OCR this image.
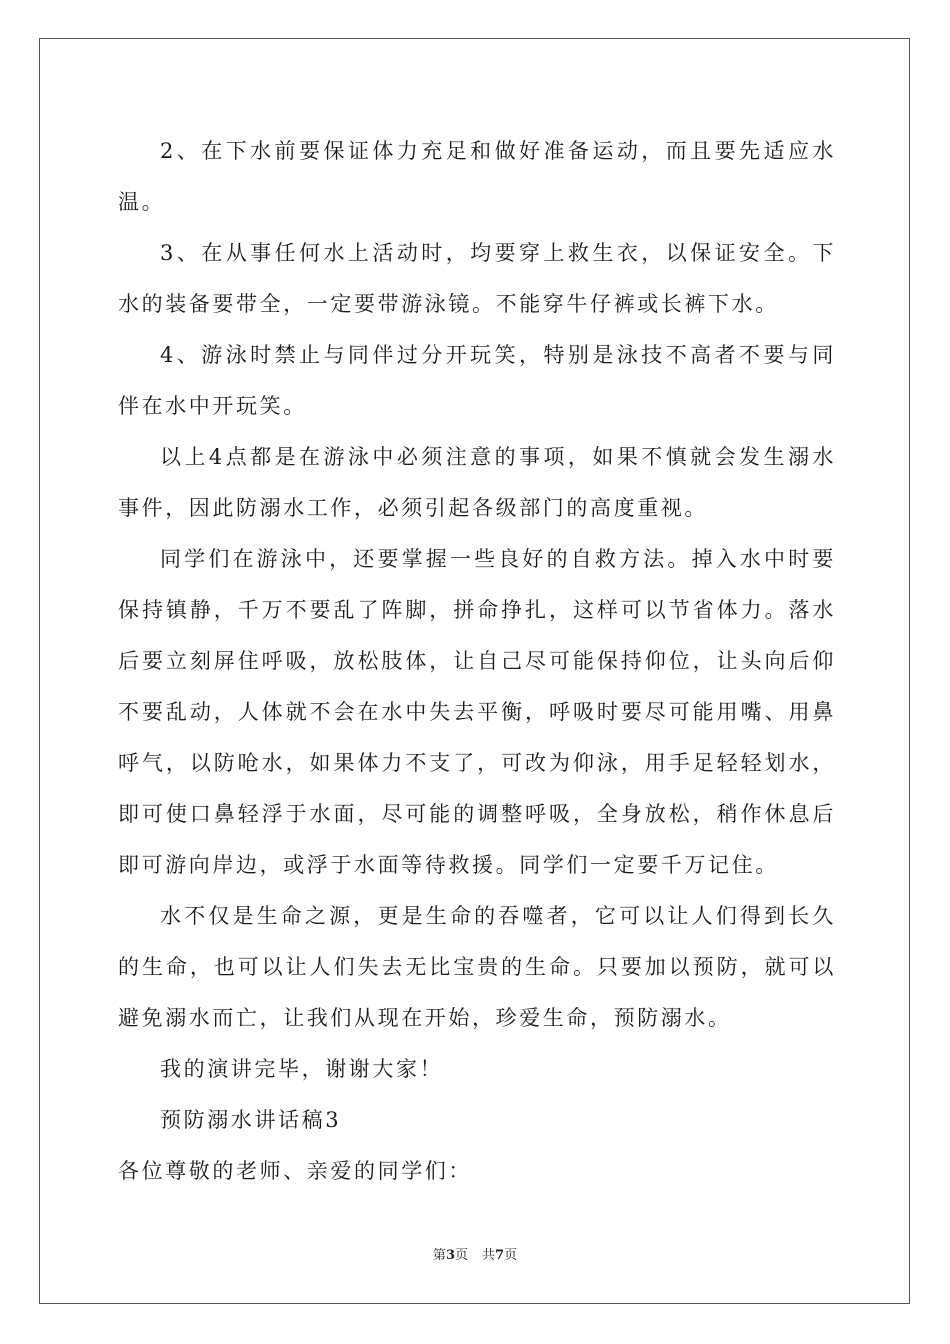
2、在下水前要保证体力充足和做好准备运动，而且要先适应水温。

3、在从事任何水上活动时，均要穿上救生衣，以保证安全。下水的装备要带全，一定要带游泳镜。不能穿牛仔裤或长裤下水。

4、游泳时禁止与同伴过分开玩笑，特别是泳技不高者不要与同伴在水中开玩笑。

以上4点都是在游泳中必须注意的事项，如果不慎就会发生溺水事件，因此防溺水工作，必须引起各级部门的高度重视。

同学们在游泳中，还要掌握一些良好的自救方法。掉入水中时要保持镇静，千万不要乱了阵脚，拼命挣扎，这样可以节省体力。落水后要立刻屏住呼吸，放松肢体，让自己尽可能保持仰位，让头向后仰不要乱动，人体就不会在水中失去平衡，呼吸时要尽可能用嘴、用鼻呼气，以防呛水，如果体力不支了，可改为仰泳，用手足轻轻划水，即可使口鼻轻浮于水面，尽可能的调整呼吸，全身放松，稍作休息后即可游向岸边，或浮于水面等待救援。同学们一定要千万记住。

水不仅是生命之源，更是生命的吞噬者，它可以让人们得到长久的生命，也可以让人们失去无比宝贵的生命。只要加以预防，就可以避免溺水而亡，让我们从现在开始，珍爱生命，预防溺水。

我的演讲完毕，谢谢大家！

预防溺水讲话稿3

各位尊敬的老师、亲爱的同学们：

第3页 共7页
